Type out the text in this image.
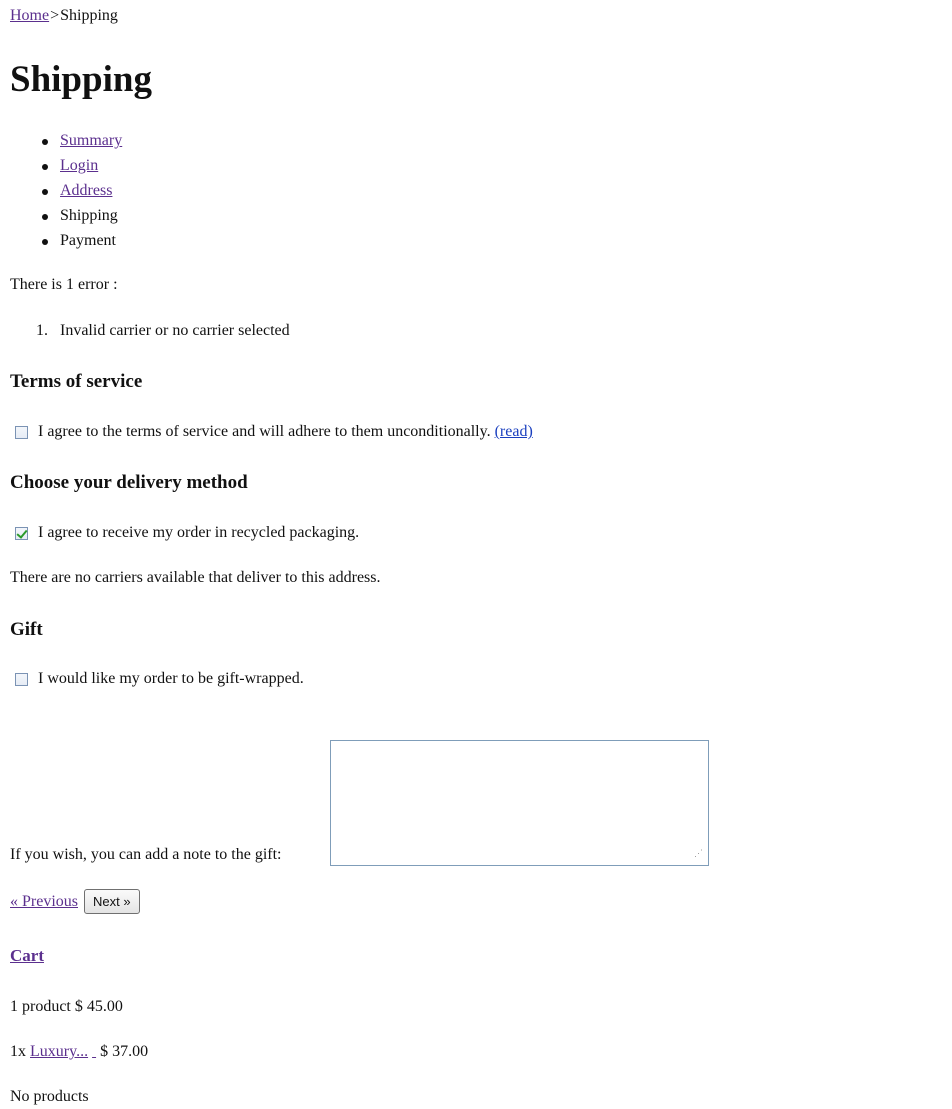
Home>Shipping
Shipping
Summary
Login
Address
Shipping
Payment
There is 1 error :
1. Invalid carrier or no carrier selected
Terms of service
I agree to the terms of service and will adhere to them unconditionally.
(read)
Choose your delivery method
I agree to receive my order in recycled packaging.
There are no carriers available that deliver to this address.
Gift
I would like my order to be gift-wrapped.
If you wish, you can add a note to the gift:	⋰
« Previous	Next »
Cart
1 product $ 45.00
1x Luxury... $ 37.00
No products
